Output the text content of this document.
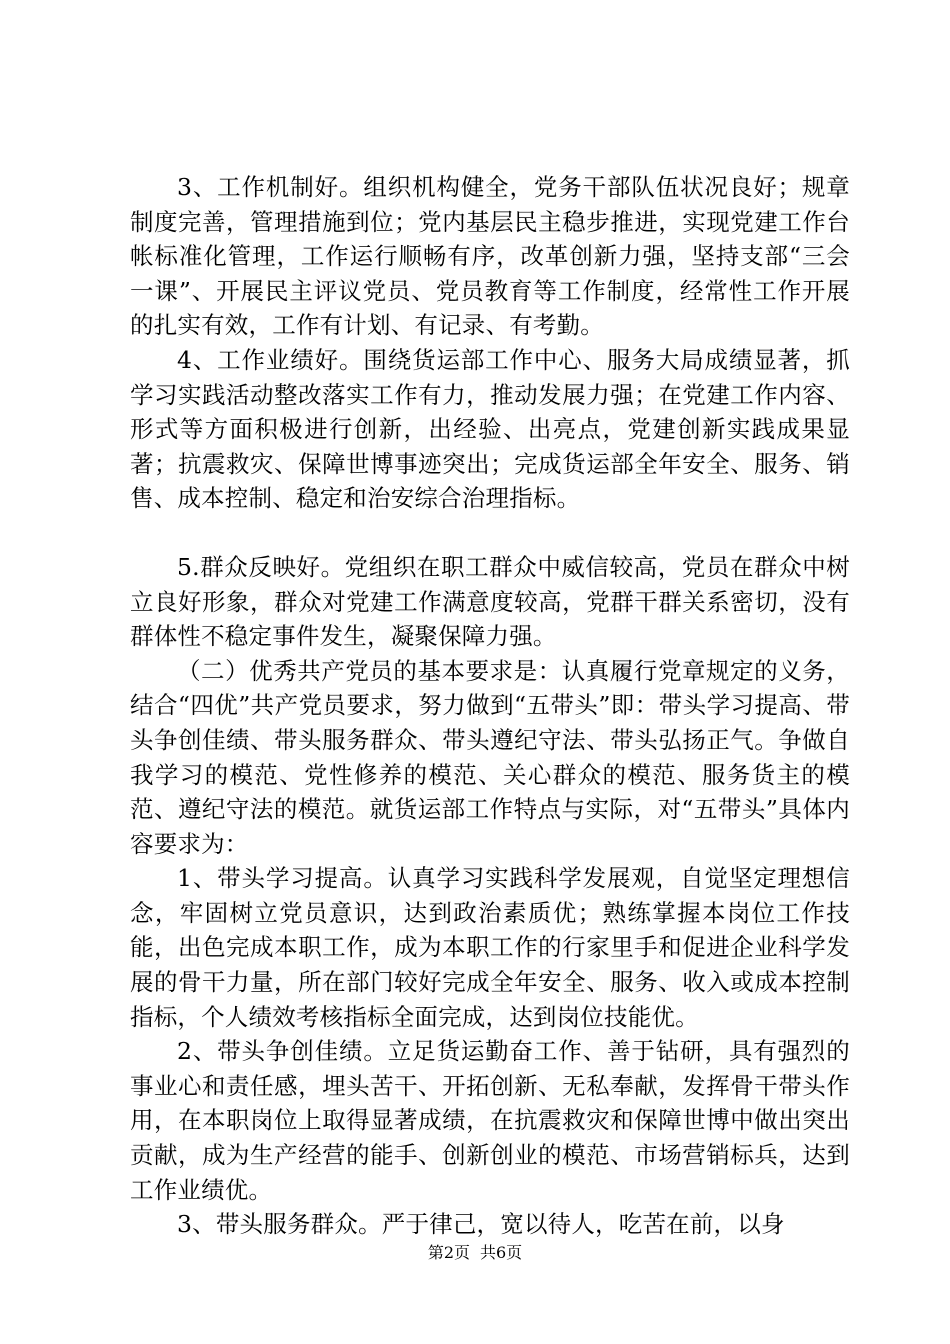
3、工作机制好。组织机构健全，党务干部队伍状况良好；规章制度完善，管理措施到位；党内基层民主稳步推进，实现党建工作台帐标准化管理，工作运行顺畅有序，改革创新力强，坚持支部“三会一课”、开展民主评议党员、党员教育等工作制度，经常性工作开展的扎实有效，工作有计划、有记录、有考勤。

4、工作业绩好。围绕货运部工作中心、服务大局成绩显著，抓学习实践活动整改落实工作有力，推动发展力强；在党建工作内容、形式等方面积极进行创新，出经验、出亮点，党建创新实践成果显著；抗震救灾、保障世博事迹突出；完成货运部全年安全、服务、销售、成本控制、稳定和治安综合治理指标。

5.群众反映好。党组织在职工群众中威信较高，党员在群众中树立良好形象，群众对党建工作满意度较高，党群干群关系密切，没有群体性不稳定事件发生，凝聚保障力强。

（二）优秀共产党员的基本要求是：认真履行党章规定的义务，结合“四优”共产党员要求，努力做到“五带头”即：带头学习提高、带头争创佳绩、带头服务群众、带头遵纪守法、带头弘扬正气。争做自我学习的模范、党性修养的模范、关心群众的模范、服务货主的模范、遵纪守法的模范。就货运部工作特点与实际，对“五带头”具体内容要求为：

1、带头学习提高。认真学习实践科学发展观，自觉坚定理想信念，牢固树立党员意识，达到政治素质优；熟练掌握本岗位工作技能，出色完成本职工作，成为本职工作的行家里手和促进企业科学发展的骨干力量，所在部门较好完成全年安全、服务、收入或成本控制指标，个人绩效考核指标全面完成，达到岗位技能优。

2、带头争创佳绩。立足货运勤奋工作、善于钻研，具有强烈的事业心和责任感，埋头苦干、开拓创新、无私奉献，发挥骨干带头作用，在本职岗位上取得显著成绩，在抗震救灾和保障世博中做出突出贡献，成为生产经营的能手、创新创业的模范、市场营销标兵，达到工作业绩优。

3、带头服务群众。严于律己，宽以待人，吃苦在前，以身

第2页 共6页
